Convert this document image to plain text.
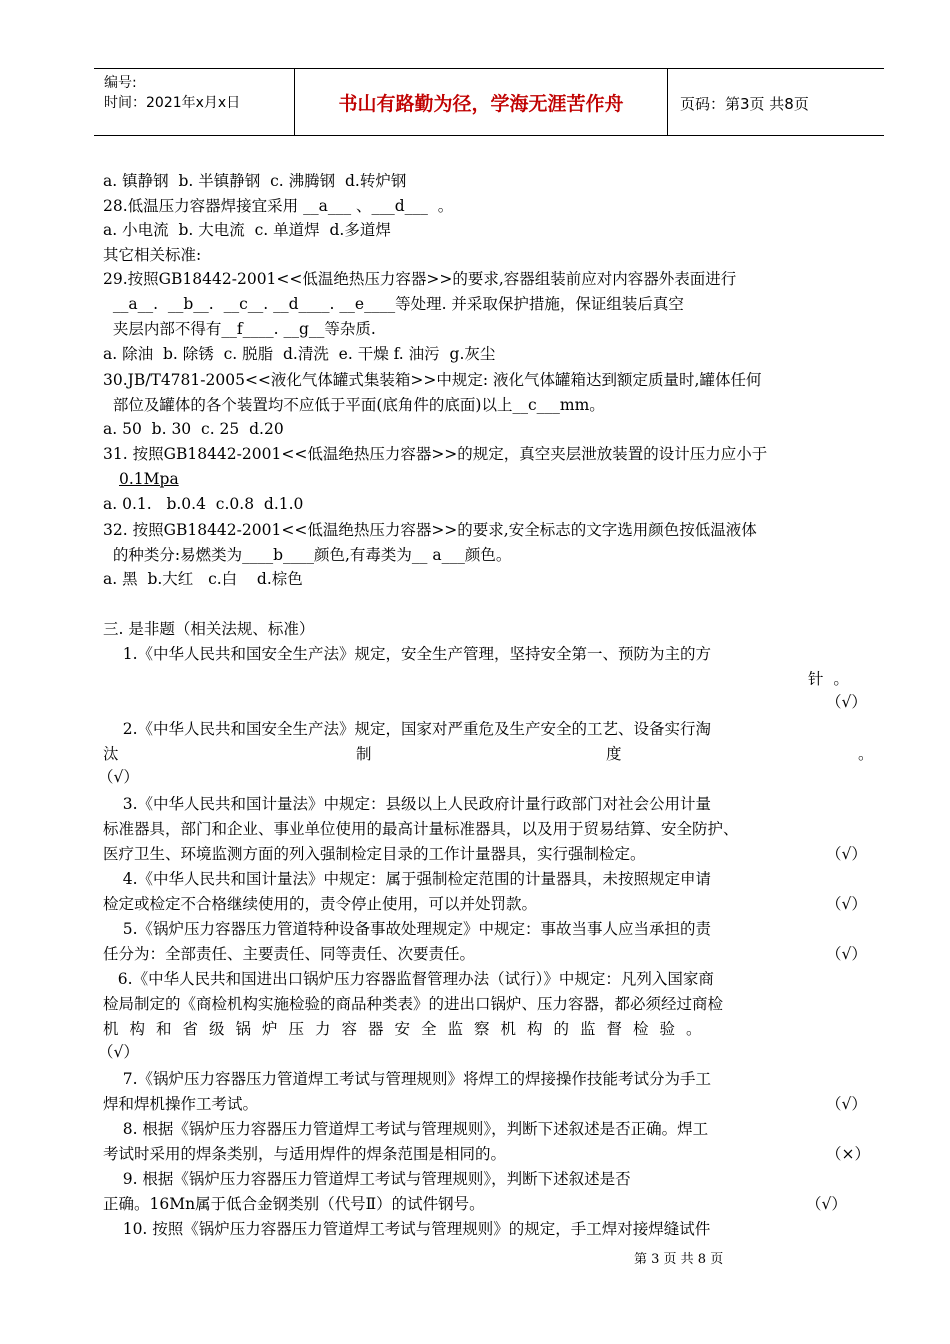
编号:
时间：2021年x月x日	书山有路勤为径，学海无涯苦作舟	页码：第3页 共8页
a. 镇静钢  b. 半镇静钢  c. 沸腾钢  d.转炉钢
28.低温压力容器焊接宜采用 __a___ 、___d___  。
a. 小电流  b. 大电流  c. 单道焊  d.多道焊
其它相关标准:
29.按照GB18442-2001<<低温绝热压力容器>>的要求,容器组装前应对内容器外表面进行
__a__.  __b__.  __c__. __d____. __e____等处理. 并采取保护措施，保证组装后真空
夹层内部不得有__f____. __g__等杂质.
a. 除油  b. 除锈  c. 脱脂  d.清洗  e. 干燥 f. 油污  g.灰尘
30.JB/T4781-2005<<液化气体罐式集装箱>>中规定: 液化气体罐箱达到额定质量时,罐体任何
部位及罐体的各个装置均不应低于平面(底角件的底面)以上__c___mm。
a. 50  b. 30  c. 25  d.20
31. 按照GB18442-2001<<低温绝热压力容器>>的规定，真空夹层泄放装置的设计压力应小于
0.1Mpa
a. 0.1.   b.0.4  c.0.8  d.1.0
32. 按照GB18442-2001<<低温绝热压力容器>>的要求,安全标志的文字选用颜色按低温液体
的种类分:易燃类为____b____颜色,有毒类为__ a___颜色。
a. 黑  b.大红   c.白    d.棕色
三. 是非题（相关法规、标准）
1.《中华人民共和国安全生产法》规定，安全生产管理，坚持安全第一、预防为主的方
针  。
（√）
2.《中华人民共和国安全生产法》规定，国家对严重危及生产安全的工艺、设备实行淘
汰	制	度	。
（√）
3.《中华人民共和国计量法》中规定：县级以上人民政府计量行政部门对社会公用计量
标准器具，部门和企业、事业单位使用的最高计量标准器具，以及用于贸易结算、安全防护、
医疗卫生、环境监测方面的列入强制检定目录的工作计量器具，实行强制检定。	（√）
4.《中华人民共和国计量法》中规定：属于强制检定范围的计量器具，未按照规定申请
检定或检定不合格继续使用的，责令停止使用，可以并处罚款。	（√）
5.《锅炉压力容器压力管道特种设备事故处理规定》中规定：事故当事人应当承担的责
任分为：全部责任、主要责任、同等责任、次要责任。	（√）
6.《中华人民共和国进出口锅炉压力容器监督管理办法（试行）》中规定：凡列入国家商
检局制定的《商检机构实施检验的商品种类表》的进出口锅炉、压力容器，都必须经过商检
机构和省级锅炉压力容器安全监察机构的监督检验。
（√）
7.《锅炉压力容器压力管道焊工考试与管理规则》将焊工的焊接操作技能考试分为手工
焊和焊机操作工考试。	（√）
8. 根据《锅炉压力容器压力管道焊工考试与管理规则》，判断下述叙述是否正确。焊工
考试时采用的焊条类别，与适用焊件的焊条范围是相同的。	（×）
9. 根据《锅炉压力容器压力管道焊工考试与管理规则》，判断下述叙述是否
正确。16Mn属于低合金钢类别（代号Ⅱ）的试件钢号。	（√）
10. 按照《锅炉压力容器压力管道焊工考试与管理规则》的规定，手工焊对接焊缝试件
第 3 页 共 8 页
